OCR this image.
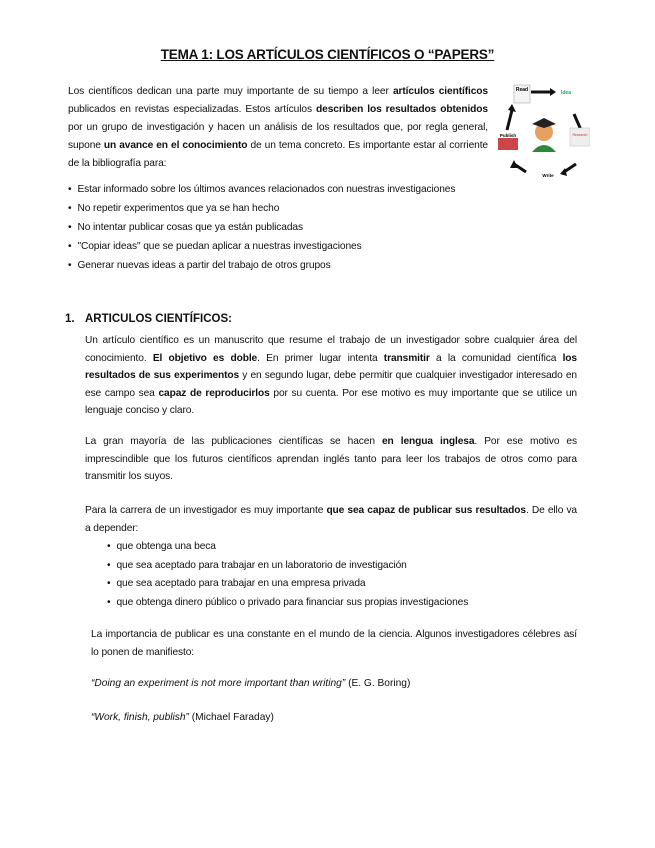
TEMA 1: LOS ARTÍCULOS CIENTÍFICOS O “PAPERS”
Los científicos dedican una parte muy importante de su tiempo a leer artículos científicos publicados en revistas especializadas. Estos artículos describen los resultados obtenidos por un grupo de investigación y hacen un análisis de los resultados que, por regla general, supone un avance en el conocimiento de un tema concreto. Es importante estar al corriente de la bibliografía para:
Read	Idea
Research
Write
Publish
• Estar informado sobre los últimos avances relacionados con nuestras investigaciones
• No repetir experimentos que ya se han hecho
• No intentar publicar cosas que ya están publicadas
• "Copiar ideas" que se puedan aplicar a nuestras investigaciones
• Generar nuevas ideas a partir del trabajo de otros grupos
1. ARTICULOS CIENTÍFICOS:
Un artículo científico es un manuscrito que resume el trabajo de un investigador sobre cualquier área del conocimiento. El objetivo es doble. En primer lugar intenta transmitir a la comunidad científica los resultados de sus experimentos y en segundo lugar, debe permitir que cualquier investigador interesado en ese campo sea capaz de reproducirlos por su cuenta. Por ese motivo es muy importante que se utilice un lenguaje conciso y claro.
La gran mayoría de las publicaciones científicas se hacen en lengua inglesa. Por ese motivo es imprescindible que los futuros científicos aprendan inglés tanto para leer los trabajos de otros como para transmitir los suyos.
Para la carrera de un investigador es muy importante que sea capaz de publicar sus resultados. De ello va a depender:
• que obtenga una beca
• que sea aceptado para trabajar en un laboratorio de investigación
• que sea aceptado para trabajar en una empresa privada
• que obtenga dinero público o privado para financiar sus propias investigaciones
La importancia de publicar es una constante en el mundo de la ciencia. Algunos investigadores célebres así lo ponen de manifiesto:
“Doing an experiment is not more important than writing” (E. G. Boring)
“Work, finish, publish” (Michael Faraday)
